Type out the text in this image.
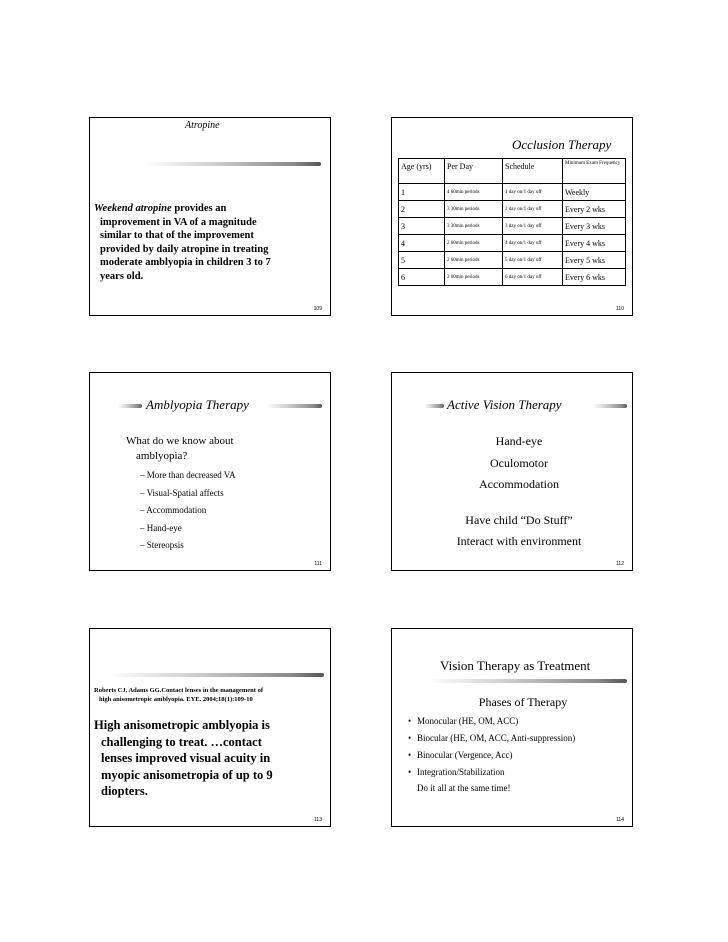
Atropine
Weekend atropine provides an
improvement in VA of a magnitude
similar to that of the improvement
provided by daily atropine in treating
moderate amblyopia in children 3 to 7
years old.
109
Occlusion Therapy
Age (yrs)	Per Day	Schedule	Minimum Exam Frequency
1	4 60min periods	1 day on/1 day off	Weekly
2	3 30min periods	2 day on/1 day off	Every 2 wks
3	3 30min periods	3 day on/1 day off	Every 3 wks
4	2 60min periods	4 day on/1 day off	Every 4 wks
5	2 60min periods	5 day on/1 day off	Every 5 wks
6	2 60min periods	6 day on/1 day off	Every 6 wks
110
Amblyopia Therapy
What do we know about
amblyopia?
– More than decreased VA
– Visual-Spatial affects
– Accommodation
– Hand-eye
– Stereopsis
111
Active Vision Therapy
Hand-eye
Oculomotor
Accommodation
Have child “Do Stuff”
Interact with environment
112
Roberts CJ, Adams GG.Contact lenses in the management of
high anisometropic amblyopia. EYE. 2004;18(1):109-10
High anisometropic amblyopia is
challenging to treat. …contact
lenses improved visual acuity in
myopic anisometropia of up to 9
diopters.
113
Vision Therapy as Treatment
Phases of Therapy
• Monocular (HE, OM, ACC)
• Biocular (HE, OM, ACC, Anti-suppression)
• Binocular (Vergence, Acc)
• Integration/Stabilization
Do it all at the same time!
114
